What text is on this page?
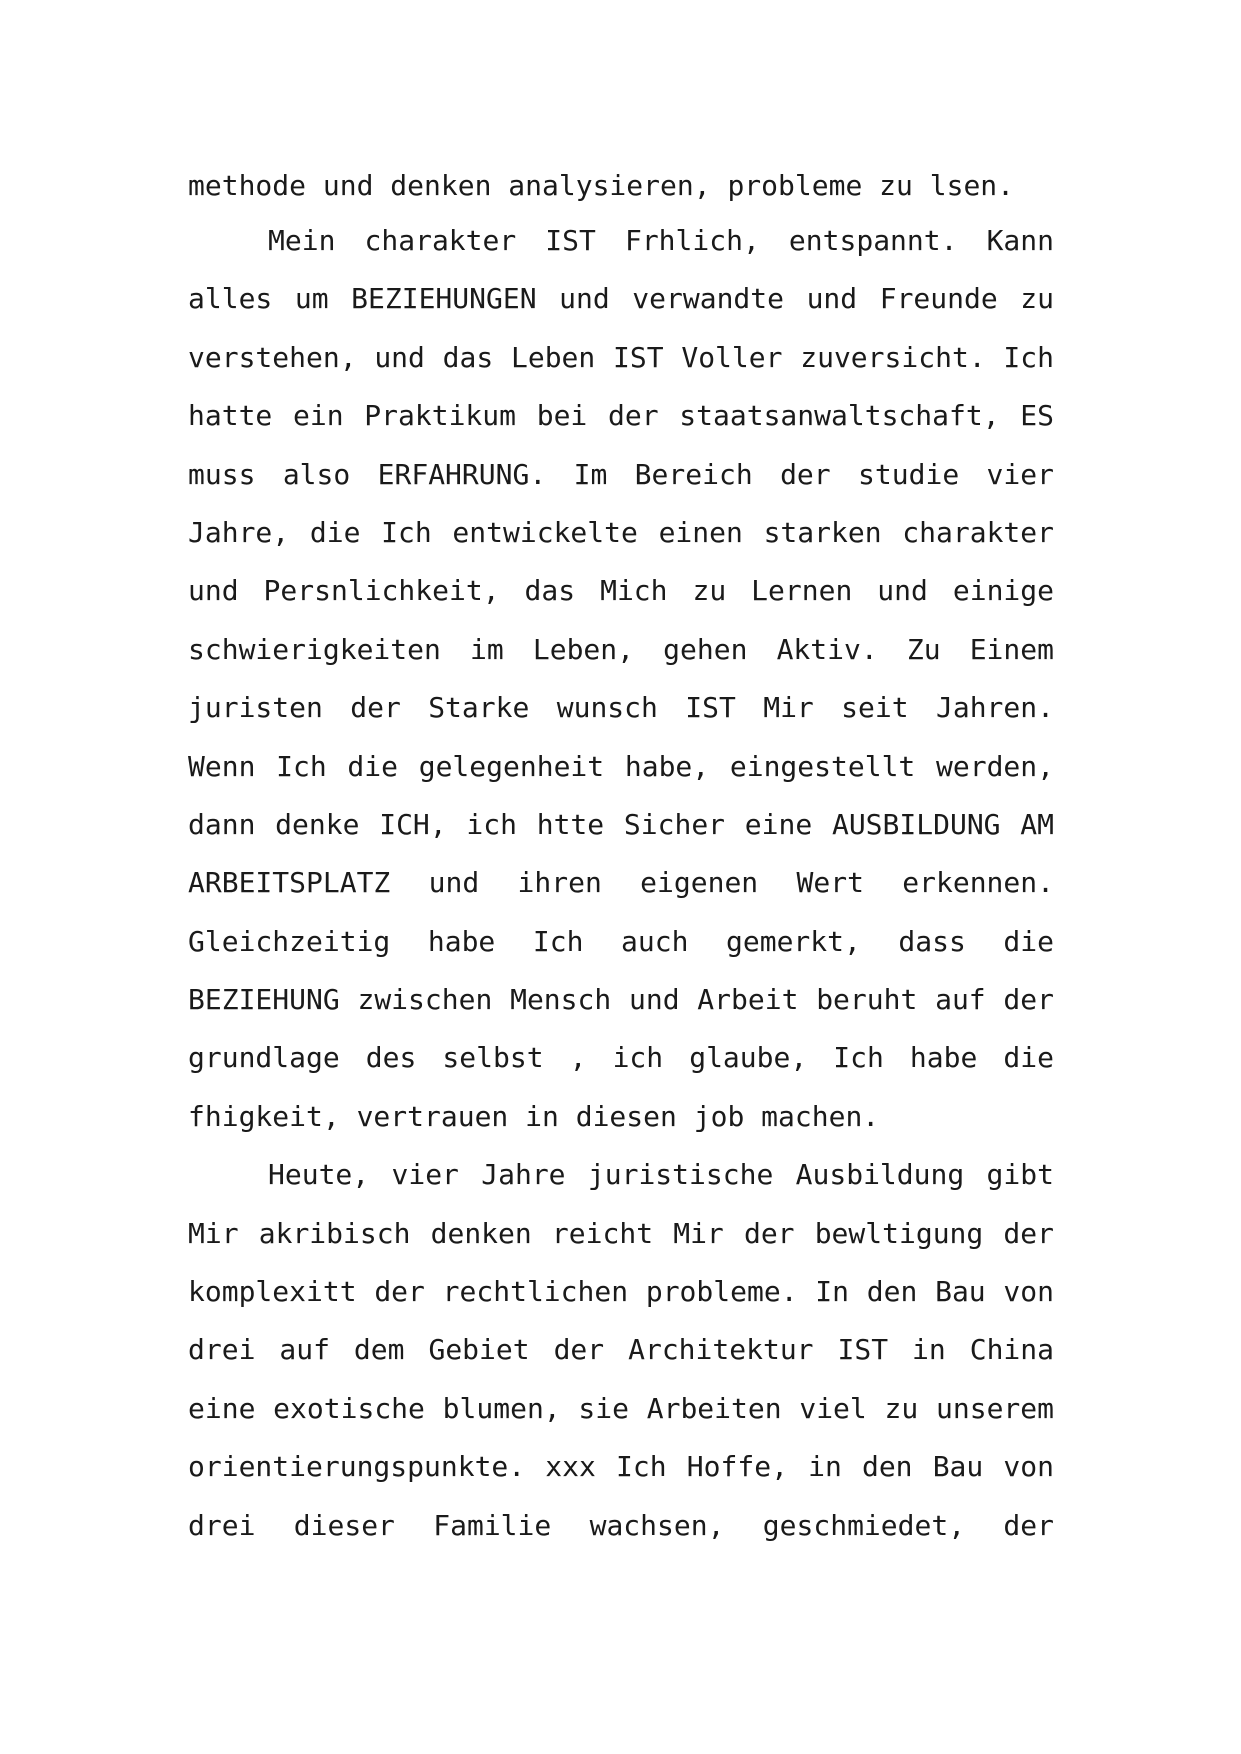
methode und denken analysieren, probleme zu lsen.
Mein charakter IST Frhlich, entspannt. Kann
alles um BEZIEHUNGEN und verwandte und Freunde zu
verstehen, und das Leben IST Voller zuversicht. Ich
hatte ein Praktikum bei der staatsanwaltschaft, ES
muss also ERFAHRUNG. Im Bereich der studie vier
Jahre, die Ich entwickelte einen starken charakter
und Persnlichkeit, das Mich zu Lernen und einige
schwierigkeiten im Leben, gehen Aktiv. Zu Einem
juristen der Starke wunsch IST Mir seit Jahren.
Wenn Ich die gelegenheit habe, eingestellt werden,
dann denke ICH, ich htte Sicher eine AUSBILDUNG AM
ARBEITSPLATZ und ihren eigenen Wert erkennen.
Gleichzeitig habe Ich auch gemerkt, dass die
BEZIEHUNG zwischen Mensch und Arbeit beruht auf der
grundlage des selbst , ich glaube, Ich habe die
fhigkeit, vertrauen in diesen job machen.
Heute, vier Jahre juristische Ausbildung gibt
Mir akribisch denken reicht Mir der bewltigung der
komplexitt der rechtlichen probleme. In den Bau von
drei auf dem Gebiet der Architektur IST in China
eine exotische blumen, sie Arbeiten viel zu unserem
orientierungspunkte. xxx Ich Hoffe, in den Bau von
drei dieser Familie wachsen, geschmiedet, der
